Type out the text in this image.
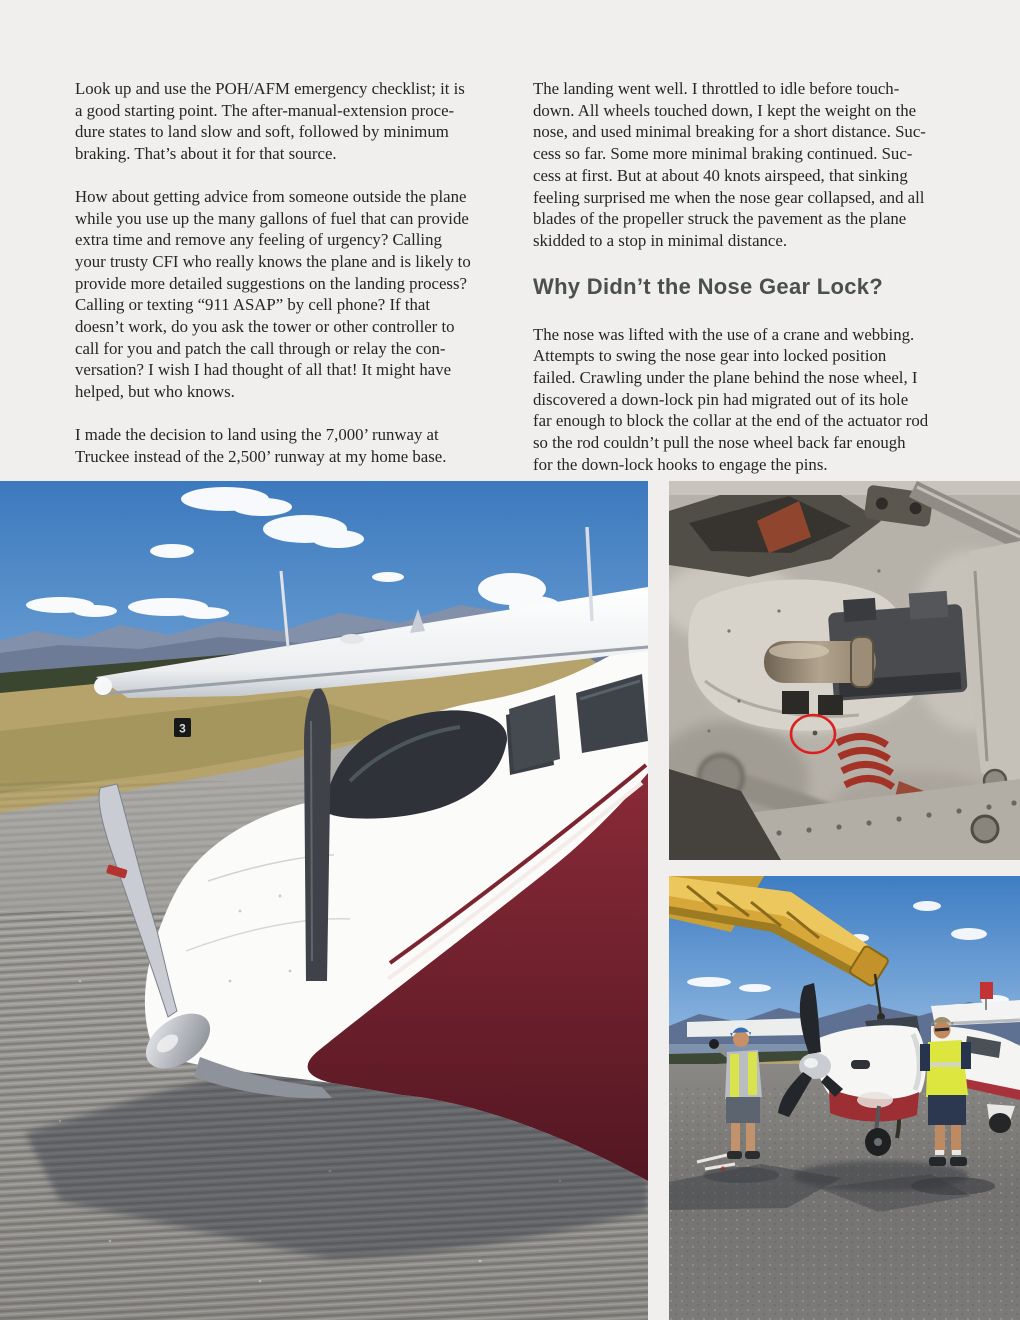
Look up and use the POH/AFM emergency checklist; it is
a good starting point. The after-manual-extension proce-
dure states to land slow and soft, followed by minimum
braking. That’s about it for that source.

How about getting advice from someone outside the plane
while you use up the many gallons of fuel that can provide
extra time and remove any feeling of urgency? Calling
your trusty CFI who really knows the plane and is likely to
provide more detailed suggestions on the landing process?
Calling or texting “911 ASAP” by cell phone? If that
doesn’t work, do you ask the tower or other controller to
call for you and patch the call through or relay the con-
versation? I wish I had thought of all that! It might have
helped, but who knows.

I made the decision to land using the 7,000’ runway at
Truckee instead of the 2,500’ runway at my home base.

The landing went well. I throttled to idle before touch-
down. All wheels touched down, I kept the weight on the
nose, and used minimal breaking for a short distance. Suc-
cess so far. Some more minimal braking continued. Suc-
cess at first. But at about 40 knots airspeed, that sinking
feeling surprised me when the nose gear collapsed, and all
blades of the propeller struck the pavement as the plane
skidded to a stop in minimal distance.

Why Didn’t the Nose Gear Lock?

The nose was lifted with the use of a crane and webbing.
Attempts to swing the nose gear into locked position
failed. Crawling under the plane behind the nose wheel, I
discovered a down-lock pin had migrated out of its hole
far enough to block the collar at the end of the actuator rod
so the rod couldn’t pull the nose wheel back far enough
for the down-lock hooks to engage the pins.

3
